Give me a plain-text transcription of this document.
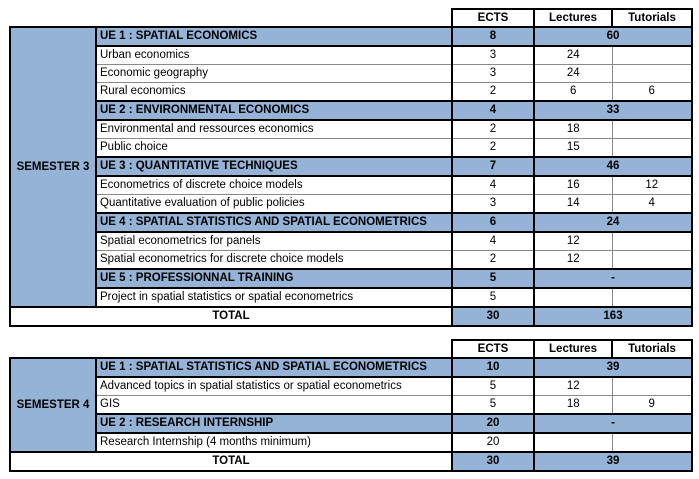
		ECTS	Lectures	Tutorials
SEMESTER 3	UE 1 : SPATIAL ECONOMICS	8	60	
	Urban economics	3	24	
	Economic geography	3	24	
	Rural economics	2	6	6
	UE 2 : ENVIRONMENTAL ECONOMICS	4	33	
	Environmental and ressources economics	2	18	
	Public choice	2	15	
	UE 3 : QUANTITATIVE TECHNIQUES	7	46	
	Econometrics of discrete choice models	4	16	12
	Quantitative evaluation of public policies	3	14	4
	UE 4 : SPATIAL STATISTICS AND SPATIAL ECONOMETRICS	6	24	
	Spatial econometrics for panels	4	12	
	Spatial econometrics for discrete choice models	2	12	
	UE 5 : PROFESSIONNAL TRAINING	5	-	
	Project in spatial statistics or spatial econometrics	5		
TOTAL		30	163	
		ECTS	Lectures	Tutorials
SEMESTER 4	UE 1 : SPATIAL STATISTICS AND SPATIAL ECONOMETRICS	10	39	
	Advanced topics in spatial statistics or spatial econometrics	5	12	
	GIS	5	18	9
	UE 2 : RESEARCH INTERNSHIP	20	-	
	Research Internship (4 months minimum)	20		
TOTAL		30	39	
